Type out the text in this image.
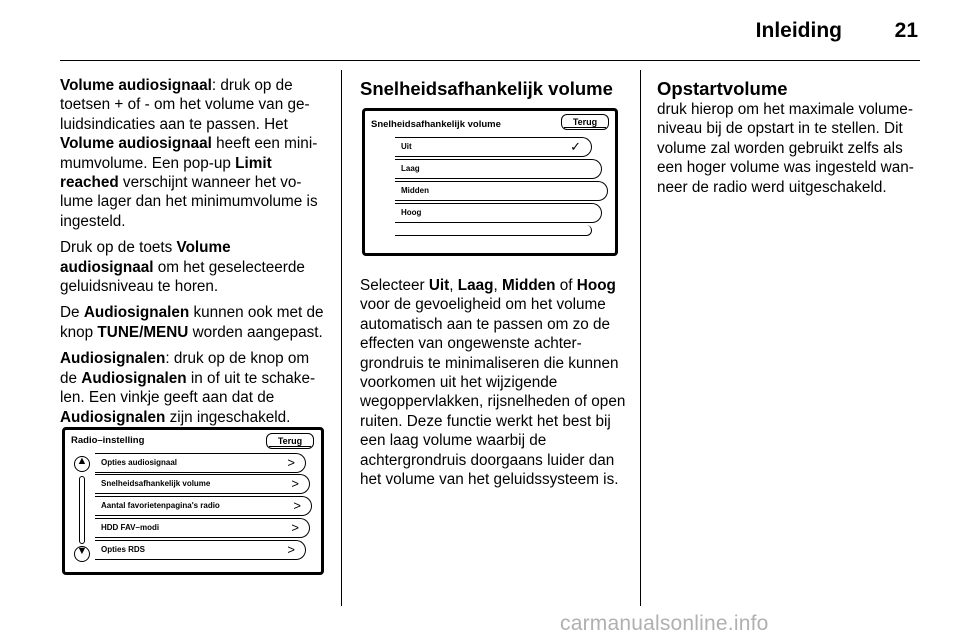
Inleiding	21

Volume audiosignaal: druk op de toetsen + of - om het volume van geluidsindicaties aan te passen. Het Volume audiosignaal heeft een minimumvolume. Een pop-up Limit reached verschijnt wanneer het volume lager dan het minimumvolume is ingesteld.

Druk op de toets Volume audiosignaal om het geselecteerde geluidsniveau te horen.

De Audiosignalen kunnen ook met de knop TUNE/MENU worden aangepast.

Audiosignalen: druk op de knop om de Audiosignalen in of uit te schakelen. Een vinkje geeft aan dat de Audiosignalen zijn ingeschakeld.

Radio–instelling	Terug
▲
▼
Opties audiosignaal	>
Snelheidsafhankelijk volume	>
Aantal favorietenpagina's radio	>
HDD FAV–modi	>
Opties RDS	>
Snelheidsafhankelijk volume
Snelheidsafhankelijk volume	Terug
Uit	✓
Laag
Midden
Hoog

Selecteer Uit, Laag, Midden of Hoog voor de gevoeligheid om het volume automatisch aan te passen om zo de effecten van ongewenste achtergrondruis te minimaliseren die kunnen voorkomen uit het wijzigende wegoppervlakken, rijsnelheden of open ruiten. Deze functie werkt het best bij een laag volume waarbij de achtergrondruis doorgaans luider dan het volume van het geluidssysteem is.

Opstartvolume

druk hierop om het maximale volumeniveau bij de opstart in te stellen. Dit volume zal worden gebruikt zelfs als een hoger volume was ingesteld wanneer de radio werd uitgeschakeld.

carmanualsonline.info
